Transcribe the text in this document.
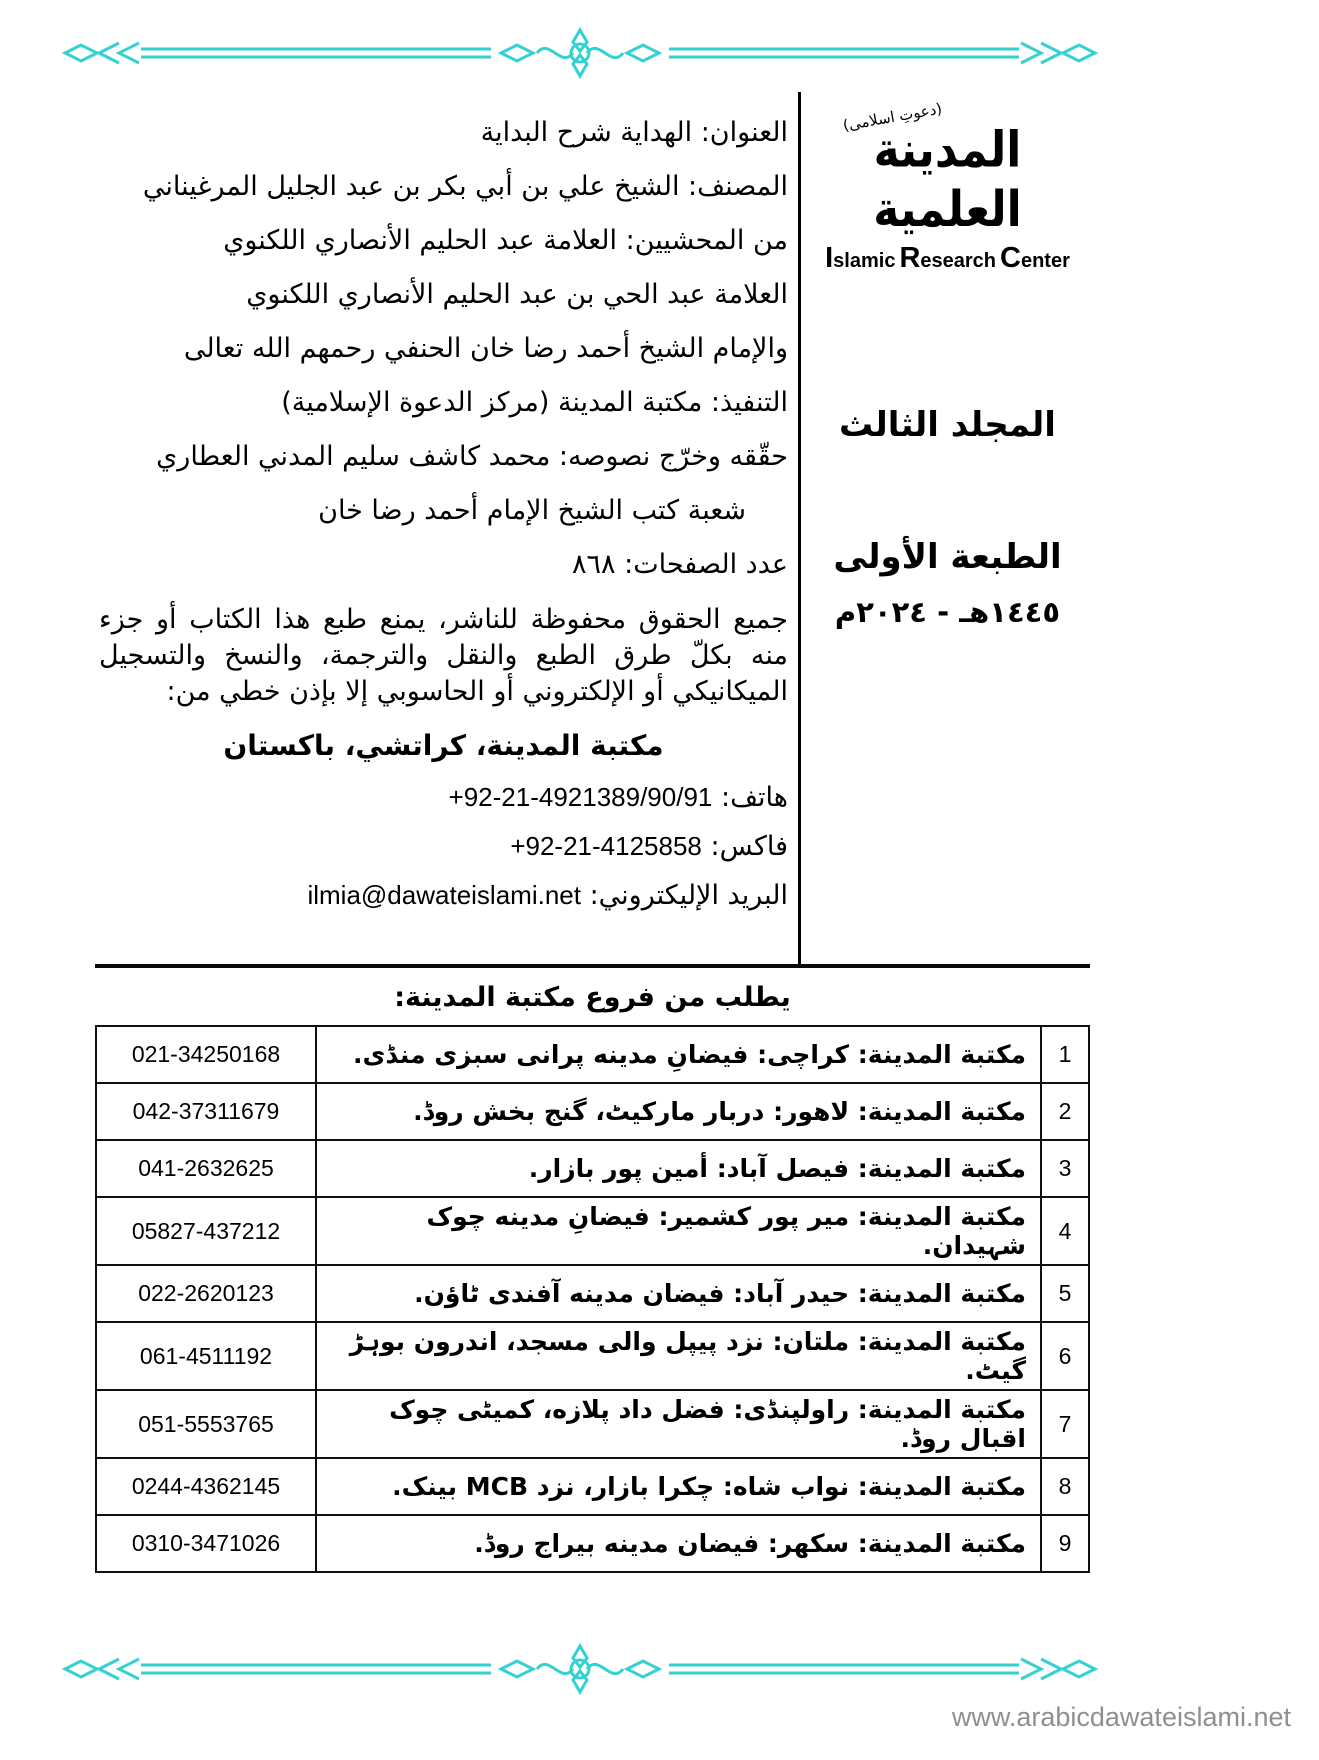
(دعوتِ اسلامی)
المدينة العلمية
Islamic Research Center
المجلد الثالث
الطبعة الأولى
١٤٤٥هـ - ٢٠٢٤م
العنوان: الهداية شرح البداية
المصنف: الشيخ علي بن أبي بكر بن عبد الجليل المرغيناني
من المحشيين: العلامة عبد الحليم الأنصاري اللكنوي
العلامة عبد الحي بن عبد الحليم الأنصاري اللكنوي
والإمام الشيخ أحمد رضا خان الحنفي رحمهم الله تعالى
التنفيذ: مكتبة المدينة (مركز الدعوة الإسلامية)
حقّقه وخرّج نصوصه: محمد كاشف سليم المدني العطاري
شعبة كتب الشيخ الإمام أحمد رضا خان
عدد الصفحات: ٨٦٨
جميع الحقوق محفوظة للناشر، يمنع طبع هذا الكتاب أو جزء منه بكلّ طرق الطبع والنقل والترجمة، والنسخ والتسجيل الميكانيكي أو الإلكتروني أو الحاسوبي إلا بإذن خطي من:
مكتبة المدينة، كراتشي، باكستان
هاتف: +92-21-4921389/90/91
فاكس: +92-21-4125858
البريد الإليكتروني: ilmia@dawateislami.net
يطلب من فروع مكتبة المدينة:
1	مكتبة المدينة: كراچى: فيضانِ مدينه پرانى سبزى منڈى.	021-34250168
2	مكتبة المدينة: لاهور: دربار ماركيٹ، گنج بخش روڈ.	042-37311679
3	مكتبة المدينة: فيصل آباد: أمين پور بازار.	041-2632625
4	مكتبة المدينة: مير پور كشمير: فيضانِ مدينه چوک شہيدان.	05827-437212
5	مكتبة المدينة: حيدر آباد: فيضان مدينه آفندى ٹاؤن.	022-2620123
6	مكتبة المدينة: ملتان: نزد پيپل والى مسجد، اندرون بوہڑ گيٹ.	061-4511192
7	مكتبة المدينة: راولپنڈى: فضل داد پلازه، كميٹى چوک اقبال روڈ.	051-5553765
8	مكتبة المدينة: نواب شاه: چكرا بازار، نزد MCB بينک.	0244-4362145
9	مكتبة المدينة: سكهر: فيضان مدينه بيراج روڈ.	0310-3471026
www.arabicdawateislami.net
